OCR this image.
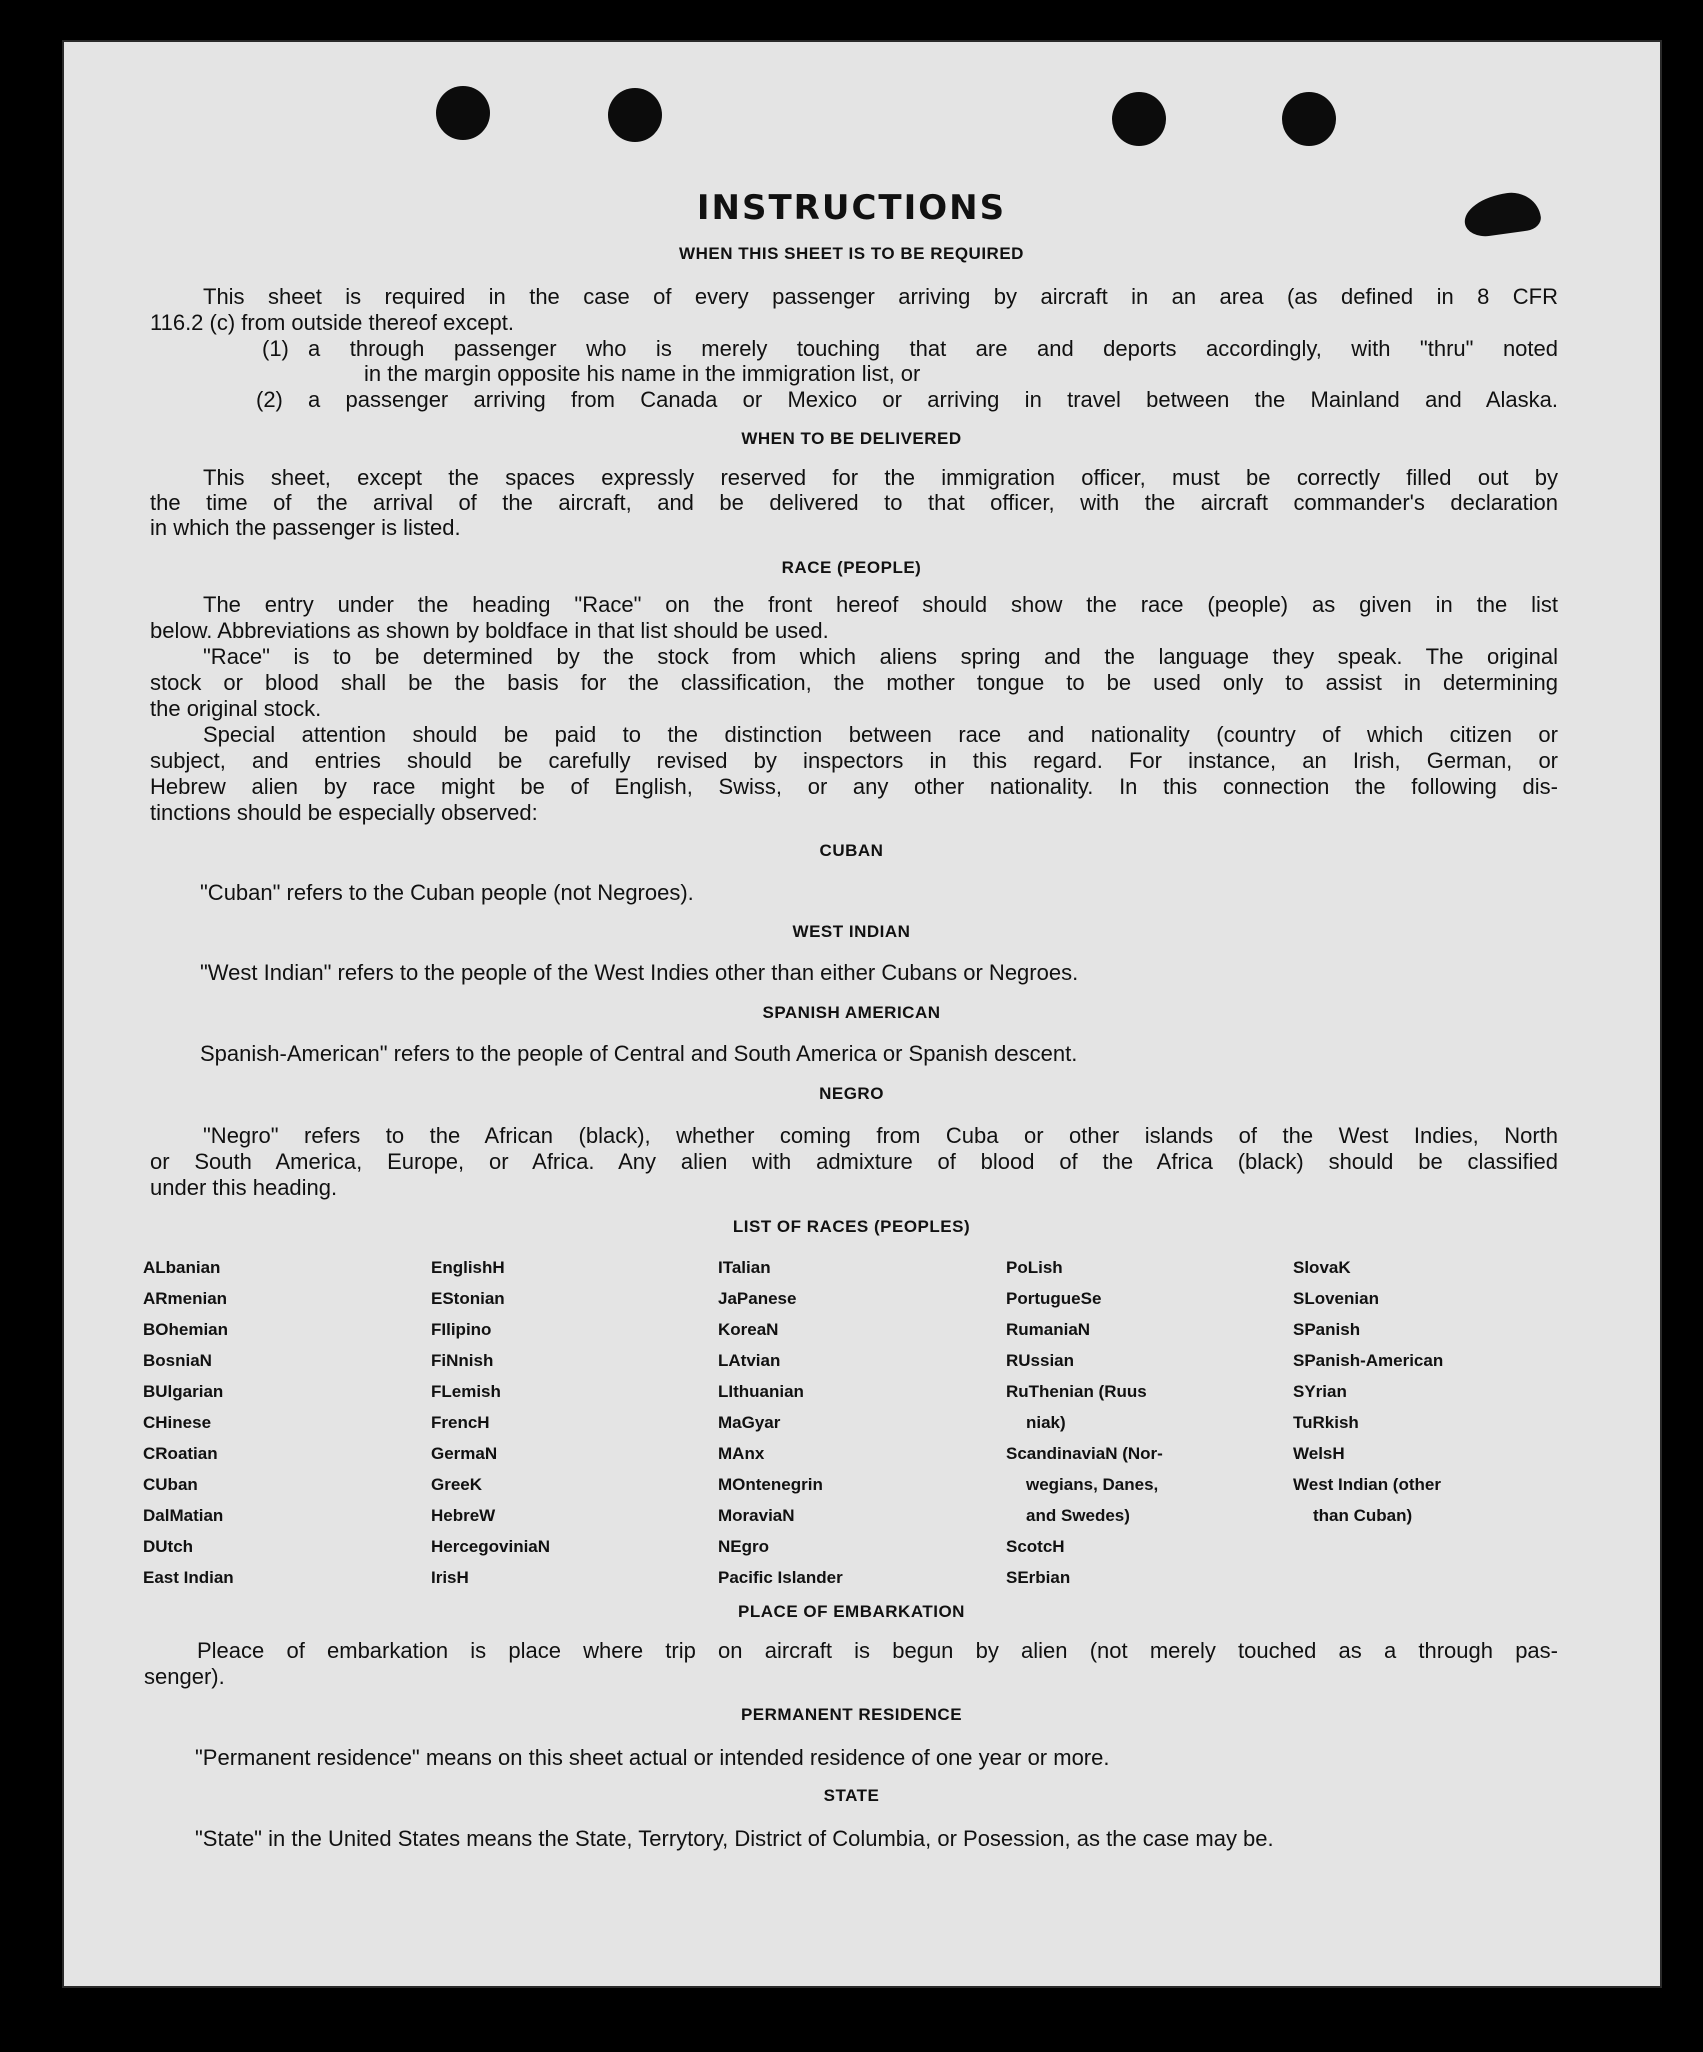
INSTRUCTIONS
WHEN THIS SHEET IS TO BE REQUIRED
This sheet is required in the case of every passenger arriving by aircraft in an area (as defined in 8 CFR
116.2 (c) from outside thereof except.
(1) a through passenger who is merely touching that are and deports accordingly, with "thru" noted
in the margin opposite his name in the immigration list, or
(2) a passenger arriving from Canada or Mexico or arriving in travel between the Mainland and Alaska.
WHEN TO BE DELIVERED
This sheet, except the spaces expressly reserved for the immigration officer, must be correctly filled out by
the time of the arrival of the aircraft, and be delivered to that officer, with the aircraft commander's declaration
in which the passenger is listed.
RACE (PEOPLE)
The entry under the heading "Race" on the front hereof should show the race (people) as given in the list
below. Abbreviations as shown by boldface in that list should be used.
"Race" is to be determined by the stock from which aliens spring and the language they speak. The original
stock or blood shall be the basis for the classification, the mother tongue to be used only to assist in determining
the original stock.
Special attention should be paid to the distinction between race and nationality (country of which citizen or
subject, and entries should be carefully revised by inspectors in this regard. For instance, an Irish, German, or
Hebrew alien by race might be of English, Swiss, or any other nationality. In this connection the following dis-
tinctions should be especially observed:
CUBAN
"Cuban" refers to the Cuban people (not Negroes).
WEST INDIAN
"West Indian" refers to the people of the West Indies other than either Cubans or Negroes.
SPANISH AMERICAN
Spanish-American" refers to the people of Central and South America or Spanish descent.
NEGRO
"Negro" refers to the African (black), whether coming from Cuba or other islands of the West Indies, North
or South America, Europe, or Africa. Any alien with admixture of blood of the Africa (black) should be classified
under this heading.
LIST OF RACES (PEOPLES)
ALbanian
ARmenian
BOhemian
BosniaN
BUlgarian
CHinese
CRoatian
CUban
DalMatian
DUtch
East Indian
EnglishH
EStonian
FIlipino
FiNnish
FLemish
FrencH
GermaN
GreeK
HebreW
HercegoviniaN
IrisH
ITalian
JaPanese
KoreaN
LAtvian
LIthuanian
MaGyar
MAnx
MOntenegrin
MoraviaN
NEgro
Pacific Islander
PoLish
PortugueSe
RumaniaN
RUssian
RuThenian (Ruus
niak)
ScandinaviaN (Nor-
wegians, Danes,
and Swedes)
ScotcH
SErbian
SlovaK
SLovenian
SPanish
SPanish-American
SYrian
TuRkish
WelsH
West Indian (other
than Cuban)
PLACE OF EMBARKATION
Pleace of embarkation is place where trip on aircraft is begun by alien (not merely touched as a through pas-
senger).
PERMANENT RESIDENCE
"Permanent residence" means on this sheet actual or intended residence of one year or more.
STATE
"State" in the United States means the State, Terrytory, District of Columbia, or Posession, as the case may be.
